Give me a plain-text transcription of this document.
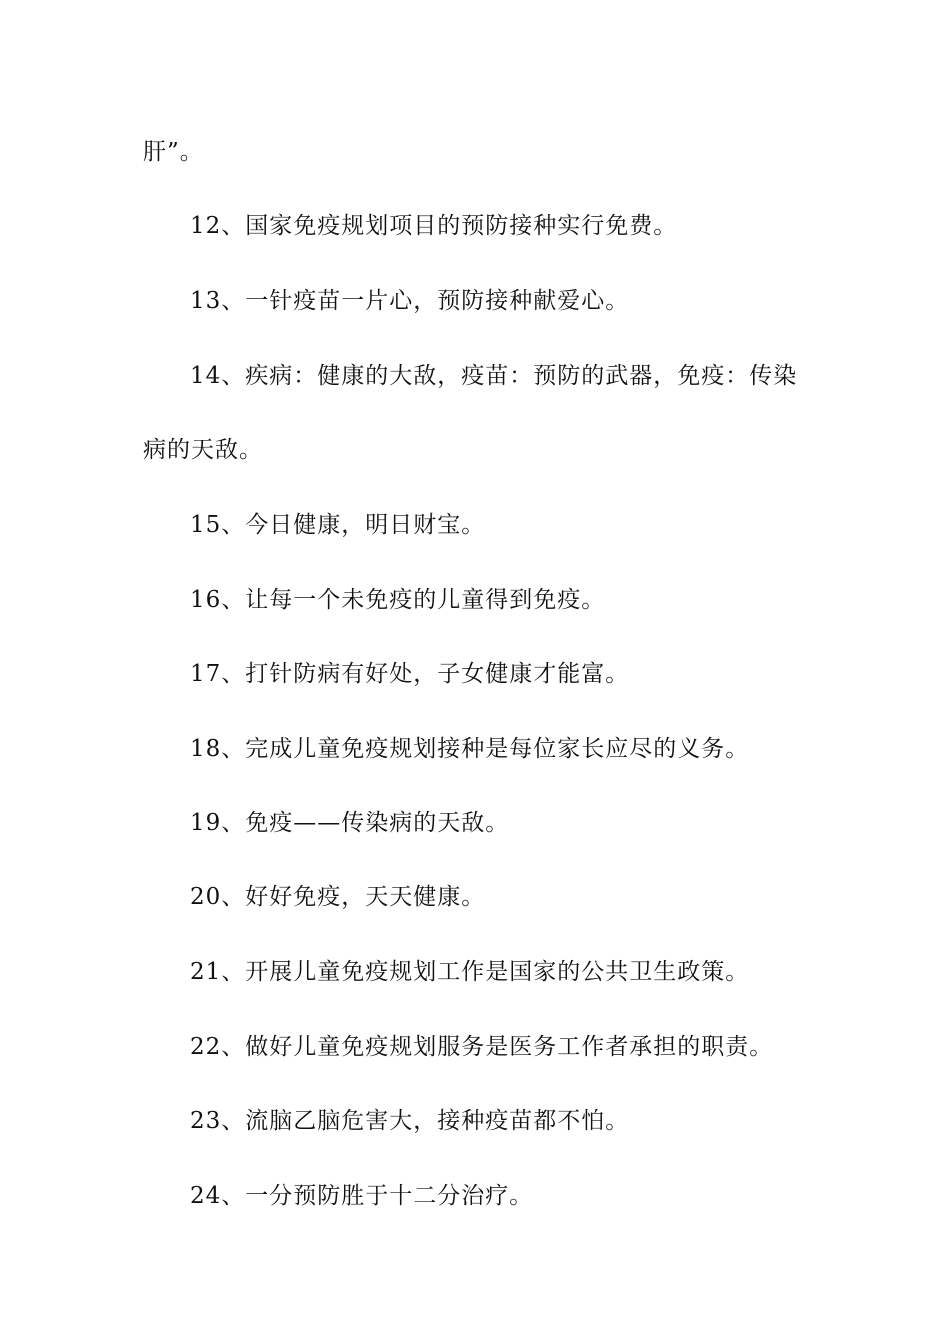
肝”。
12、国家免疫规划项目的预防接种实行免费。
13、一针疫苗一片心，预防接种献爱心。
14、疾病：健康的大敌，疫苗：预防的武器，免疫：传染
病的天敌。
15、今日健康，明日财宝。
16、让每一个未免疫的儿童得到免疫。
17、打针防病有好处，子女健康才能富。
18、完成儿童免疫规划接种是每位家长应尽的义务。
19、免疫——传染病的天敌。
20、好好免疫，天天健康。
21、开展儿童免疫规划工作是国家的公共卫生政策。
22、做好儿童免疫规划服务是医务工作者承担的职责。
23、流脑乙脑危害大，接种疫苗都不怕。
24、一分预防胜于十二分治疗。
